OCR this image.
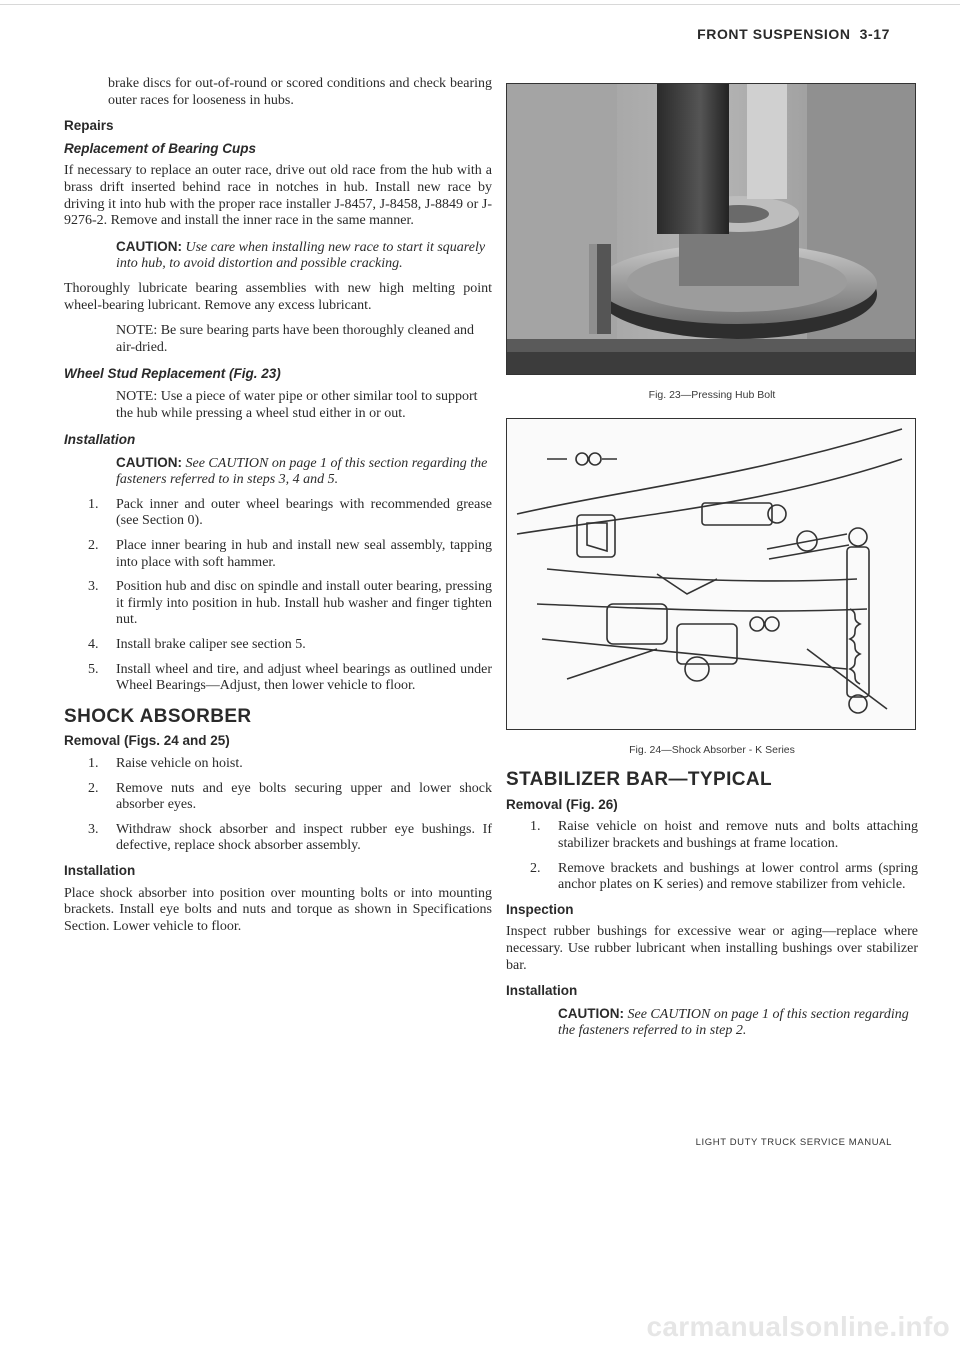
FRONT SUSPENSION 3-17

brake discs for out-of-round or scored conditions and check bearing outer races for looseness in hubs.

Repairs
Replacement of Bearing Cups

If necessary to replace an outer race, drive out old race from the hub with a brass drift inserted behind race in notches in hub. Install new race by driving it into hub with the proper race installer J-8457, J-8458, J-8849 or J-9276-2. Remove and install the inner race in the same manner.

CAUTION: Use care when installing new race to start it squarely into hub, to avoid distortion and possible cracking.

Thoroughly lubricate bearing assemblies with new high melting point wheel-bearing lubricant. Remove any excess lubricant.

NOTE: Be sure bearing parts have been thoroughly cleaned and air-dried.

Wheel Stud Replacement (Fig. 23)

NOTE: Use a piece of water pipe or other similar tool to support the hub while pressing a wheel stud either in or out.

Installation

CAUTION: See CAUTION on page 1 of this section regarding the fasteners referred to in steps 3, 4 and 5.

1. Pack inner and outer wheel bearings with recommended grease (see Section 0).
2. Place inner bearing in hub and install new seal assembly, tapping into place with soft hammer.
3. Position hub and disc on spindle and install outer bearing, pressing it firmly into position in hub. Install hub washer and finger tighten nut.
4. Install brake caliper see section 5.
5. Install wheel and tire, and adjust wheel bearings as outlined under Wheel Bearings—Adjust, then lower vehicle to floor.
SHOCK ABSORBER
Removal (Figs. 24 and 25)
1. Raise vehicle on hoist.
2. Remove nuts and eye bolts securing upper and lower shock absorber eyes.
3. Withdraw shock absorber and inspect rubber eye bushings. If defective, replace shock absorber assembly.
Installation

Place shock absorber into position over mounting bolts or into mounting brackets. Install eye bolts and nuts and torque as shown in Specifications Section. Lower vehicle to floor.

Fig. 23—Pressing Hub Bolt
Fig. 24—Shock Absorber - K Series
STABILIZER BAR—TYPICAL
Removal (Fig. 26)
1. Raise vehicle on hoist and remove nuts and bolts attaching stabilizer brackets and bushings at frame location.
2. Remove brackets and bushings at lower control arms (spring anchor plates on K series) and remove stabilizer from vehicle.
Inspection

Inspect rubber bushings for excessive wear or aging—replace where necessary. Use rubber lubricant when installing bushings over stabilizer bar.

Installation

CAUTION: See CAUTION on page 1 of this section regarding the fasteners referred to in step 2.

LIGHT DUTY TRUCK SERVICE MANUAL
carmanualsonline.info
